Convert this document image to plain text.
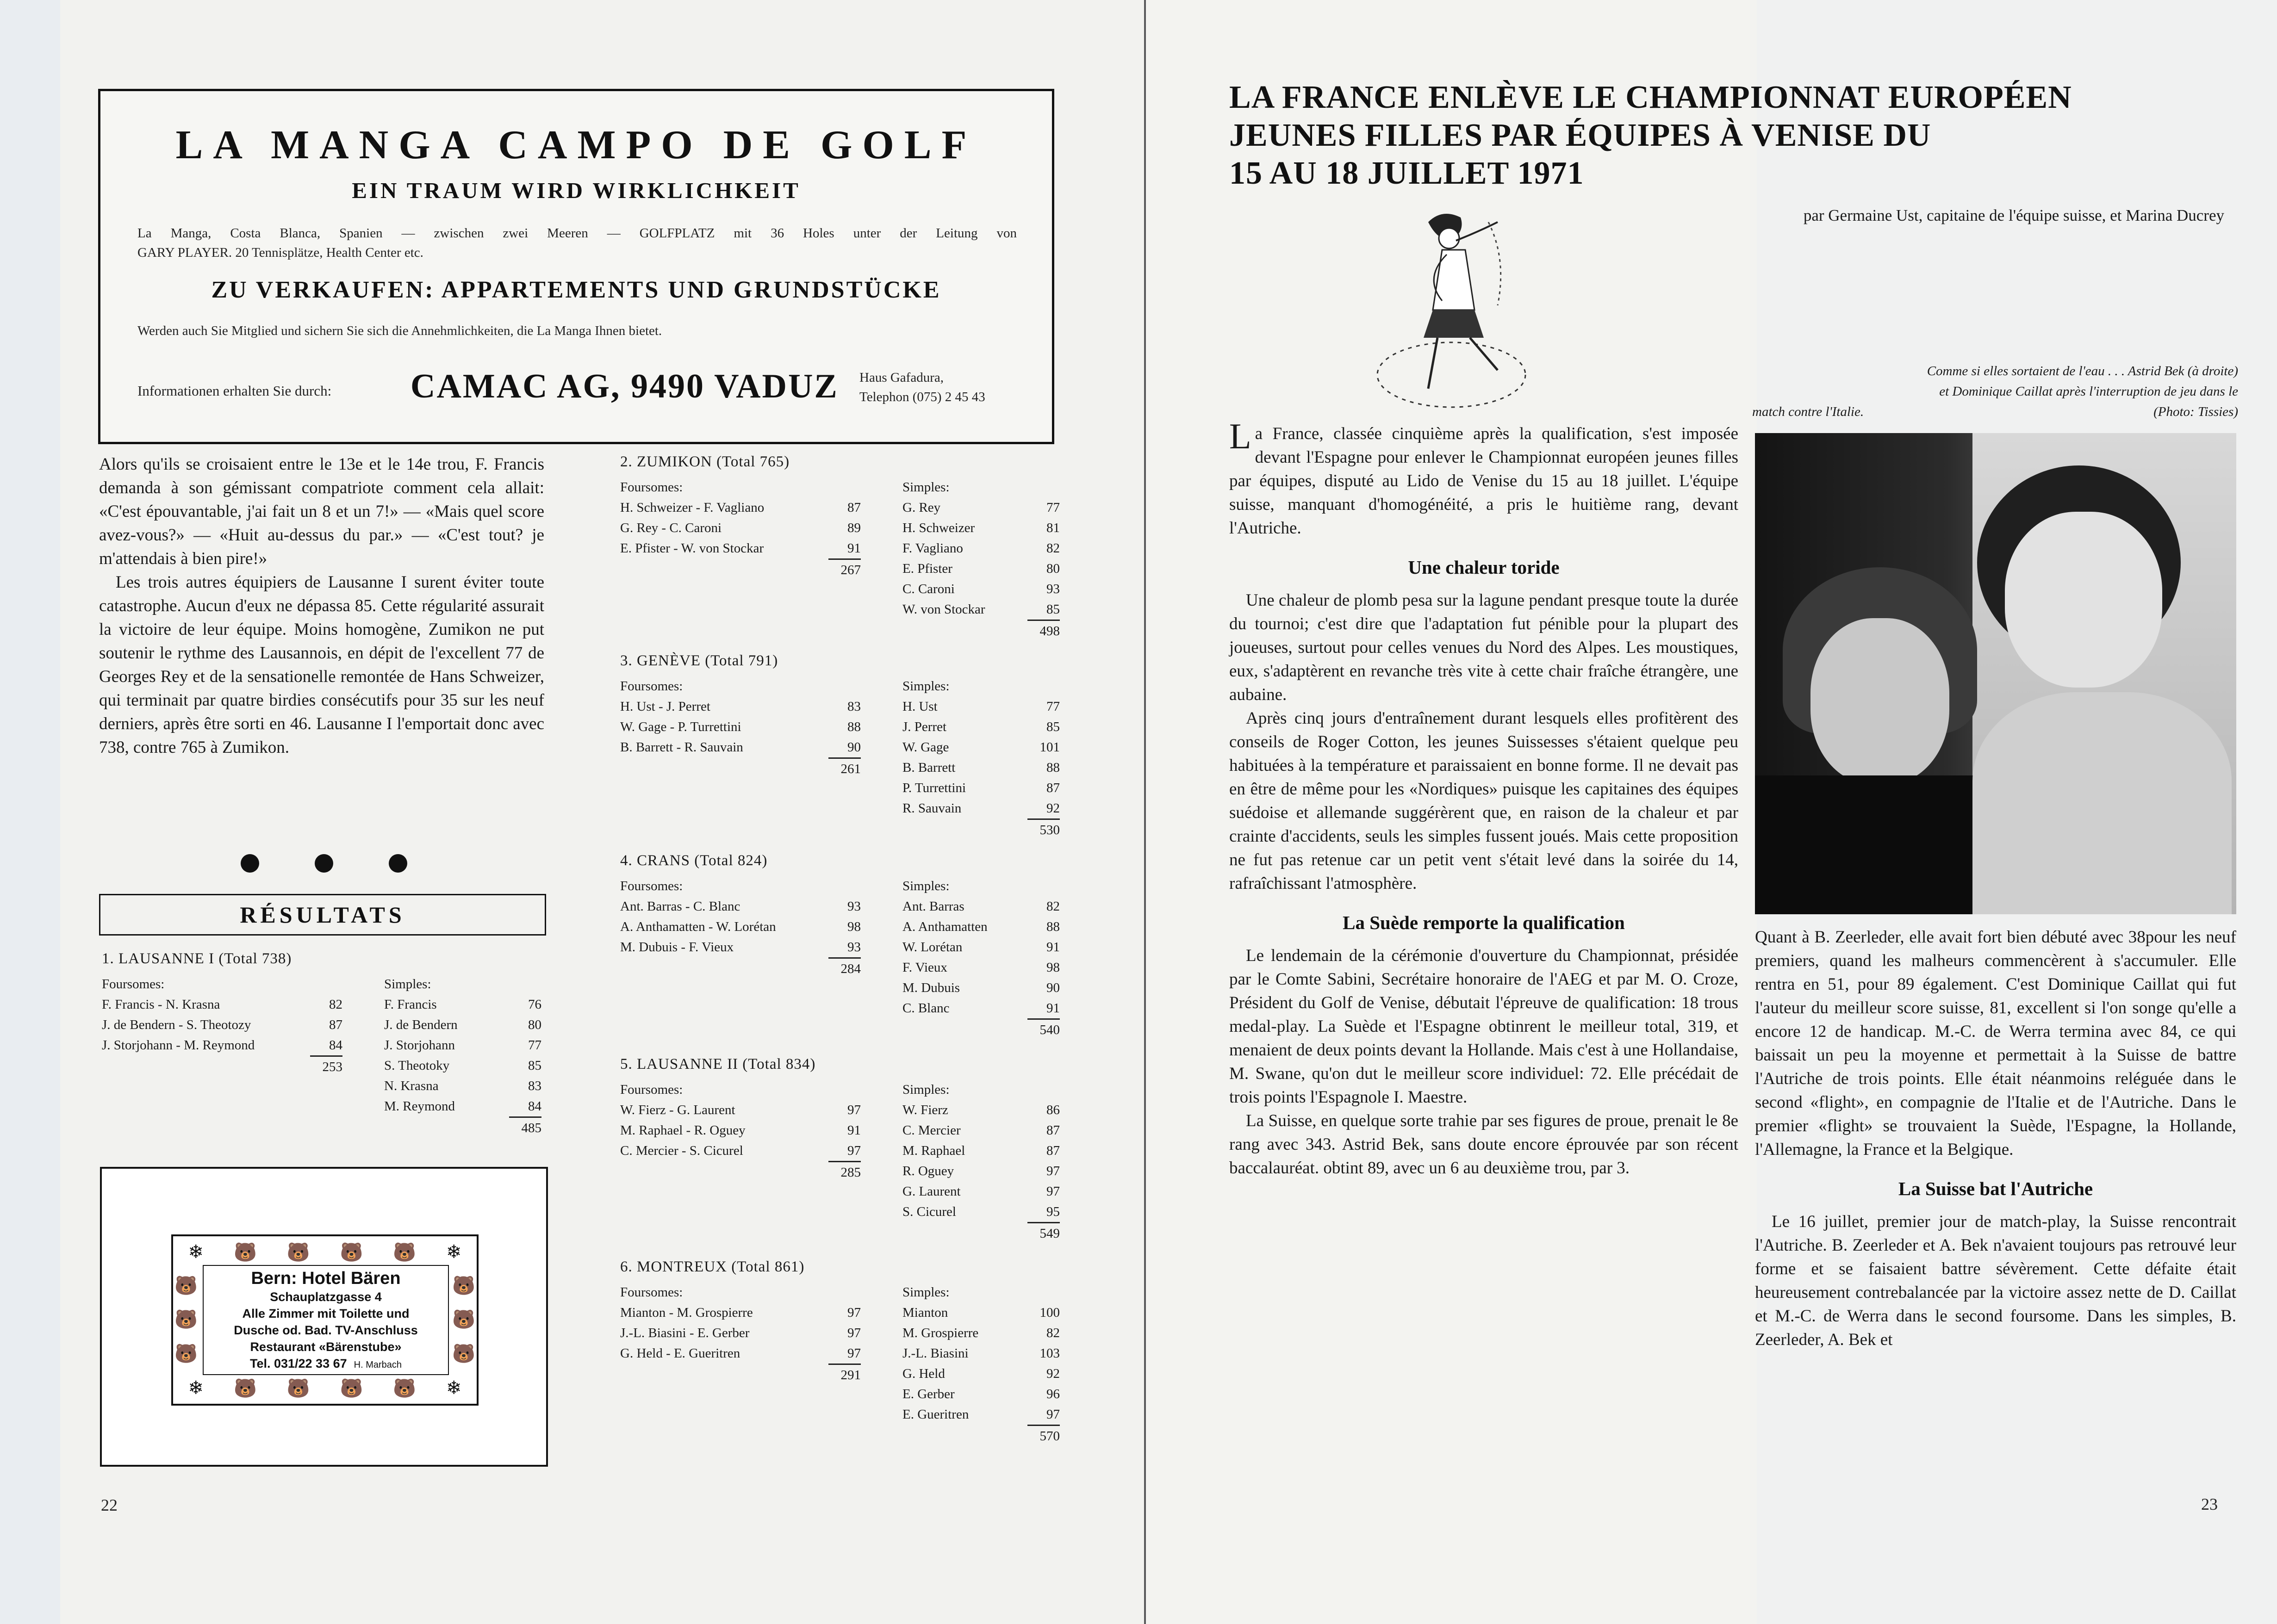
LA MANGA CAMPO DE GOLF
EIN TRAUM WIRD WIRKLICHKEIT
La Manga, Costa Blanca, Spanien — zwischen zwei Meeren — GOLFPLATZ mit 36 Holes unter der Leitung von
GARY PLAYER. 20 Tennisplätze, Health Center etc.
ZU VERKAUFEN: APPARTEMENTS UND GRUNDSTÜCKE
Werden auch Sie Mitglied und sichern Sie sich die Annehmlichkeiten, die La Manga Ihnen bietet.
Informationen erhalten Sie durch: CAMAC AG, 9490 VADUZ Haus Gafadura,
Telephon (075) 2 45 43

Alors qu'ils se croisaient entre le 13e et le 14e trou, F. Francis demanda à son gémissant compatriote comment cela allait: «C'est épouvantable, j'ai fait un 8 et un 7!» — «Mais quel score avez-vous?» — «Huit au-dessus du par.» — «C'est tout? je m'attendais à bien pire!»

Les trois autres équipiers de Lausanne I surent éviter toute catastrophe. Aucun d'eux ne dépassa 85. Cette régularité assurait la victoire de leur équipe. Moins homogène, Zumikon ne put soutenir le rythme des Lausannois, en dépit de l'excellent 77 de Georges Rey et de la sensationelle remontée de Hans Schweizer, qui terminait par quatre birdies consécutifs pour 35 sur les neuf derniers, après être sorti en 46. Lausanne I l'emportait donc avec 738, contre 765 à Zumikon.

RÉSULTATS
1. LAUSANNE I (Total 738)
Foursomes:
F. Francis - N. Krasna	82
J. de Bendern - S. Theotozy	87
J. Storjohann - M. Reymond	84
253
Simples:
F. Francis	76
J. de Bendern	80
J. Storjohann	77
S. Theotoky	85
N. Krasna	83
M. Reymond	84
485
2. ZUMIKON (Total 765)
Foursomes:
H. Schweizer - F. Vagliano	87
G. Rey - C. Caroni	89
E. Pfister - W. von Stockar	91
267
Simples:
G. Rey	77
H. Schweizer	81
F. Vagliano	82
E. Pfister	80
C. Caroni	93
W. von Stockar	85
498
3. GENÈVE (Total 791)
Foursomes:
H. Ust - J. Perret	83
W. Gage - P. Turrettini	88
B. Barrett - R. Sauvain	90
261
Simples:
H. Ust	77
J. Perret	85
W. Gage	101
B. Barrett	88
P. Turrettini	87
R. Sauvain	92
530
4. CRANS (Total 824)
Foursomes:
Ant. Barras - C. Blanc	93
A. Anthamatten - W. Lorétan	98
M. Dubuis - F. Vieux	93
284
Simples:
Ant. Barras	82
A. Anthamatten	88
W. Lorétan	91
F. Vieux	98
M. Dubuis	90
C. Blanc	91
540
5. LAUSANNE II (Total 834)
Foursomes:
W. Fierz - G. Laurent	97
M. Raphael - R. Oguey	91
C. Mercier - S. Cicurel	97
285
Simples:
W. Fierz	86
C. Mercier	87
M. Raphael	87
R. Oguey	97
G. Laurent	97
S. Cicurel	95
549
6. MONTREUX (Total 861)
Foursomes:
Mianton - M. Grospierre	97
J.-L. Biasini - E. Gerber	97
G. Held - E. Gueritren	97
291
Simples:
Mianton	100
M. Grospierre	82
J.-L. Biasini	103
G. Held	92
E. Gerber	96
E. Gueritren	97
570
❄ 🐻 🐻 🐻 🐻 ❄
❄ 🐻 🐻 🐻 🐻 ❄
🐻
🐻
🐻
🐻
🐻
🐻
Bern: Hotel Bären
Schauplatzgasse 4
Alle Zimmer mit Toilette und
Dusche od. Bad. TV-Anschluss
Restaurant «Bärenstube»
Tel. 031/22 33 67 H. Marbach
22
LA FRANCE ENLÈVE LE CHAMPIONNAT EUROPÉEN
JEUNES FILLES PAR ÉQUIPES À VENISE DU
15 AU 18 JUILLET 1971
par Germaine Ust, capitaine de l'équipe suisse, et Marina Ducrey

La France, classée cinquième après la qualification, s'est imposée devant l'Espagne pour enlever le Championnat européen jeunes filles par équipes, disputé au Lido de Venise du 15 au 18 juillet. L'équipe suisse, manquant d'homogénéité, a pris le huitième rang, devant l'Autriche.

Une chaleur toride

Une chaleur de plomb pesa sur la lagune pendant presque toute la durée du tournoi; c'est dire que l'adaptation fut pénible pour la plupart des joueuses, surtout pour celles venues du Nord des Alpes. Les moustiques, eux, s'adaptèrent en revanche très vite à cette chair fraîche étrangère, une aubaine.

Après cinq jours d'entraînement durant lesquels elles profitèrent des conseils de Roger Cotton, les jeunes Suissesses s'étaient quelque peu habituées à la température et paraissaient en bonne forme. Il ne devait pas en être de même pour les «Nordiques» puisque les capitaines des équipes suédoise et allemande suggérèrent que, en raison de la chaleur et par crainte d'accidents, seuls les simples fussent joués. Mais cette proposition ne fut pas retenue car un petit vent s'était levé dans la soirée du 14, rafraîchissant l'atmosphère.

La Suède remporte la qualification

Le lendemain de la cérémonie d'ouverture du Championnat, présidée par le Comte Sabini, Secrétaire honoraire de l'AEG et par M. O. Croze, Président du Golf de Venise, débutait l'épreuve de qualification: 18 trous medal-play. La Suède et l'Espagne obtinrent le meilleur total, 319, et menaient de deux points devant la Hollande. Mais c'est à une Hollandaise, M. Swane, qu'on dut le meilleur score individuel: 72. Elle précédait de trois points l'Espagnole I. Maestre.

La Suisse, en quelque sorte trahie par ses figures de proue, prenait le 8e rang avec 343. Astrid Bek, sans doute encore éprouvée par son récent baccalauréat. obtint 89, avec un 6 au deuxième trou, par 3.

Comme si elles sortaient de l'eau . . . Astrid Bek (à droite)
et Dominique Caillat après l'interruption de jeu dans le
match contre l'Italie.	(Photo: Tissies)

Quant à B. Zeerleder, elle avait fort bien débuté avec 38pour les neuf premiers, quand les malheurs commencèrent à s'accumuler. Elle rentra en 51, pour 89 également. C'est Dominique Caillat qui fut l'auteur du meilleur score suisse, 81, excellent si l'on songe qu'elle a encore 12 de handicap. M.-C. de Werra termina avec 84, ce qui baissait un peu la moyenne et permettait à la Suisse de battre l'Autriche de trois points. Elle était néanmoins reléguée dans le second «flight», en compagnie de l'Italie et de l'Autriche. Dans le premier «flight» se trouvaient la Suède, l'Espagne, la Hollande, l'Allemagne, la France et la Belgique.

La Suisse bat l'Autriche

Le 16 juillet, premier jour de match-play, la Suisse rencontrait l'Autriche. B. Zeerleder et A. Bek n'avaient toujours pas retrouvé leur forme et se faisaient battre sévèrement. Cette défaite était heureusement contrebalancée par la victoire assez nette de D. Caillat et M.-C. de Werra dans le second foursome. Dans les simples, B. Zeerleder, A. Bek et

23
